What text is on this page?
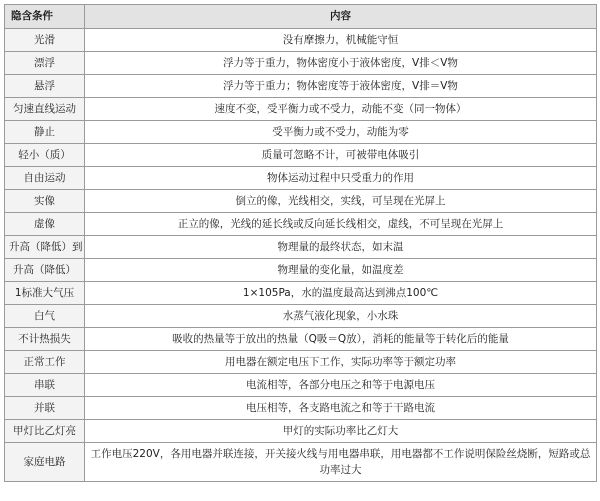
隐含条件	内容
光滑	没有摩擦力，机械能守恒
漂浮	浮力等于重力，物体密度小于液体密度，V排＜V物
悬浮	浮力等于重力；物体密度等于液体密度，V排＝V物
匀速直线运动	速度不变，受平衡力或不受力，动能不变（同一物体）
静止	受平衡力或不受力，动能为零
轻小（质）	质量可忽略不计，可被带电体吸引
自由运动	物体运动过程中只受重力的作用
实像	倒立的像，光线相交，实线，可呈现在光屏上
虚像	正立的像，光线的延长线或反向延长线相交，虚线，不可呈现在光屏上
升高（降低）到	物理量的最终状态，如末温
升高（降低）	物理量的变化量，如温度差
1标准大气压	1×105Pa，水的温度最高达到沸点100℃
白气	水蒸气液化现象，小水珠
不计热损失	吸收的热量等于放出的热量（Q吸＝Q放），消耗的能量等于转化后的能量
正常工作	用电器在额定电压下工作，实际功率等于额定功率
串联	电流相等，各部分电压之和等于电源电压
并联	电压相等，各支路电流之和等于干路电流
甲灯比乙灯亮	甲灯的实际功率比乙灯大
家庭电路	工作电压220V，各用电器并联连接，开关接火线与用电器串联，用电器都不工作说明保险丝烧断，短路或总功率过大
